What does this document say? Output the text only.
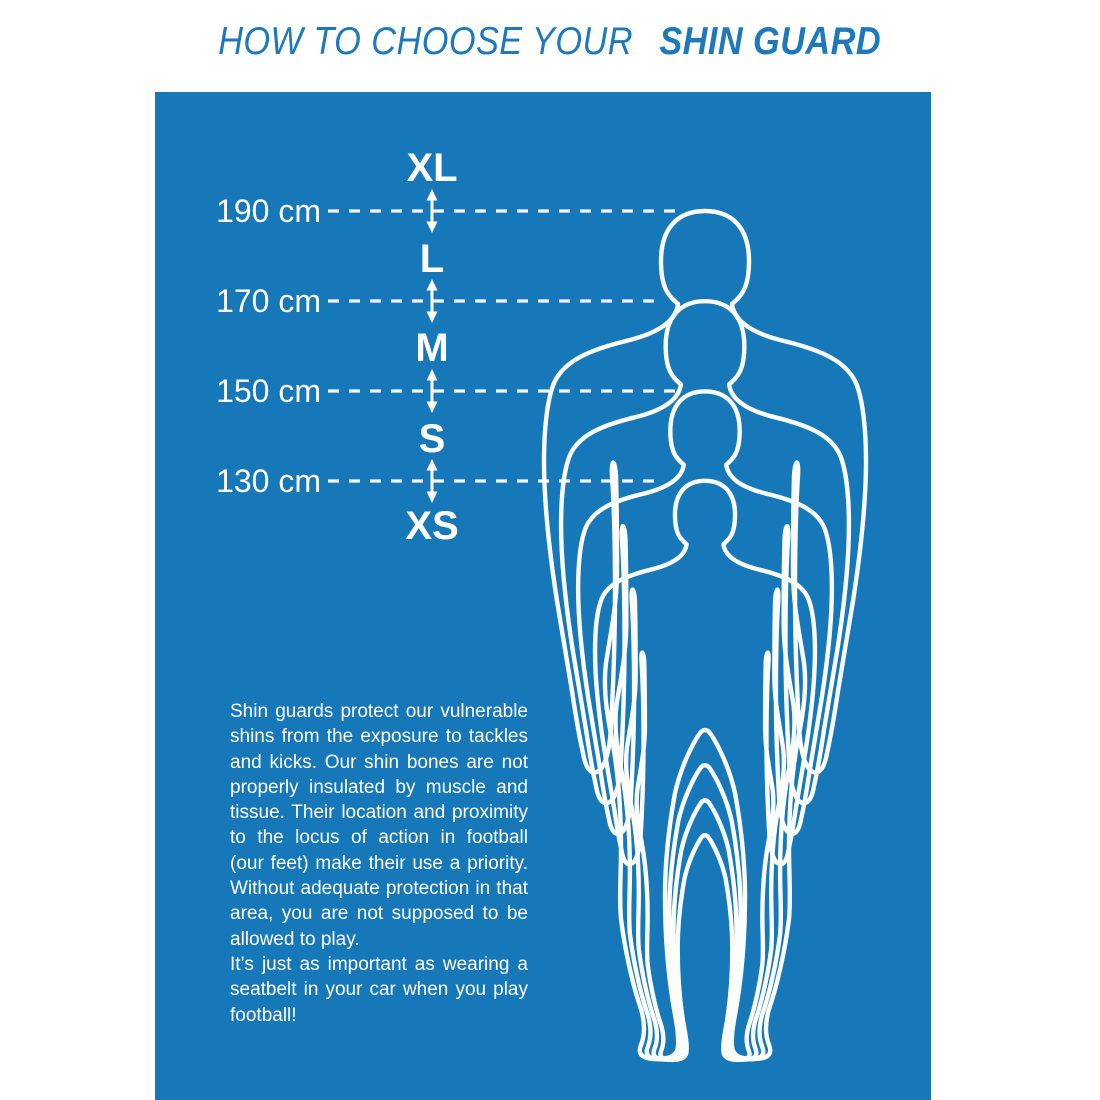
HOW TO CHOOSE YOUR SHIN GUARD
XL
L
M
S
XS
190 cm
170 cm
150 cm
130 cm

Shin guards protect our vulnerable shins from the exposure to tackles and kicks. Our shin bones are not properly insulated by muscle and tissue. Their location and proximity to the locus of action in football (our feet) make their use a priority. Without adequate protection in that area, you are not supposed to be allowed to play.

It’s just as important as wearing a seatbelt in your car when you play football!
